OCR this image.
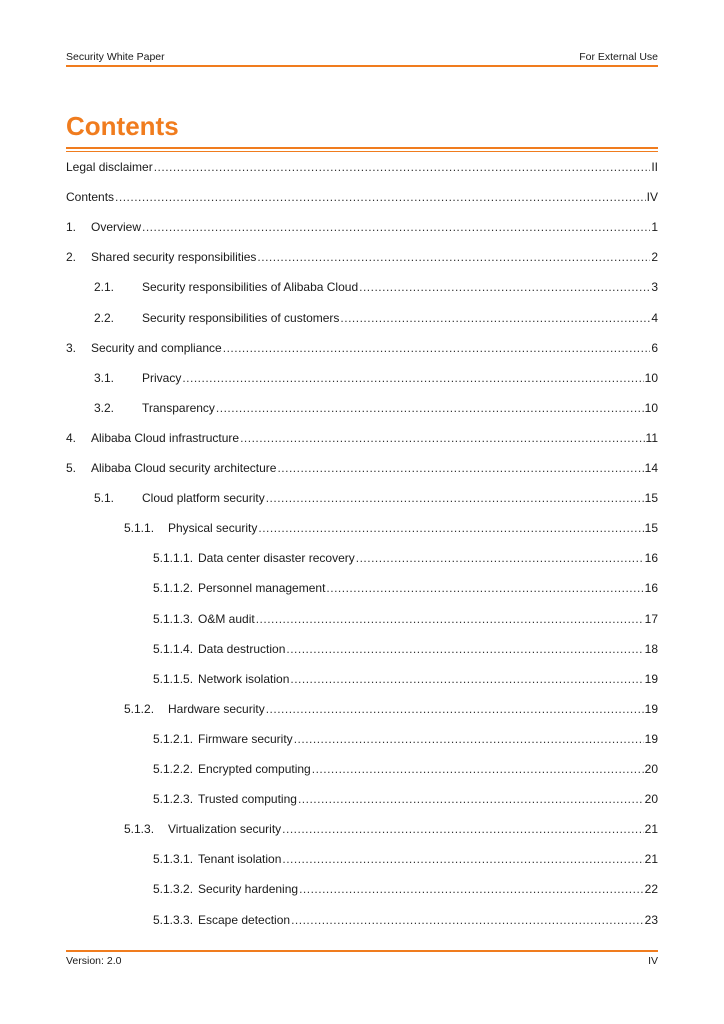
Security White Paper	For External Use
Contents
Legal disclaimer .....	II
Contents .....	IV
1.	Overview .....	1
2.	Shared security responsibilities .....	2
2.1.	Security responsibilities of Alibaba Cloud .....	3
2.2.	Security responsibilities of customers .....	4
3.	Security and compliance .....	6
3.1.	Privacy .....	10
3.2.	Transparency .....	10
4.	Alibaba Cloud infrastructure .....	11
5.	Alibaba Cloud security architecture .....	14
5.1.	Cloud platform security .....	15
5.1.1.	Physical security .....	15
5.1.1.1. Data center disaster recovery .....	16
5.1.1.2. Personnel management .....	16
5.1.1.3. O&M audit .....	17
5.1.1.4. Data destruction .....	18
5.1.1.5. Network isolation .....	19
5.1.2.	Hardware security .....	19
5.1.2.1. Firmware security .....	19
5.1.2.2. Encrypted computing .....	20
5.1.2.3. Trusted computing .....	20
5.1.3.	Virtualization security .....	21
5.1.3.1. Tenant isolation .....	21
5.1.3.2. Security hardening .....	22
5.1.3.3. Escape detection .....	23
Version: 2.0	IV
